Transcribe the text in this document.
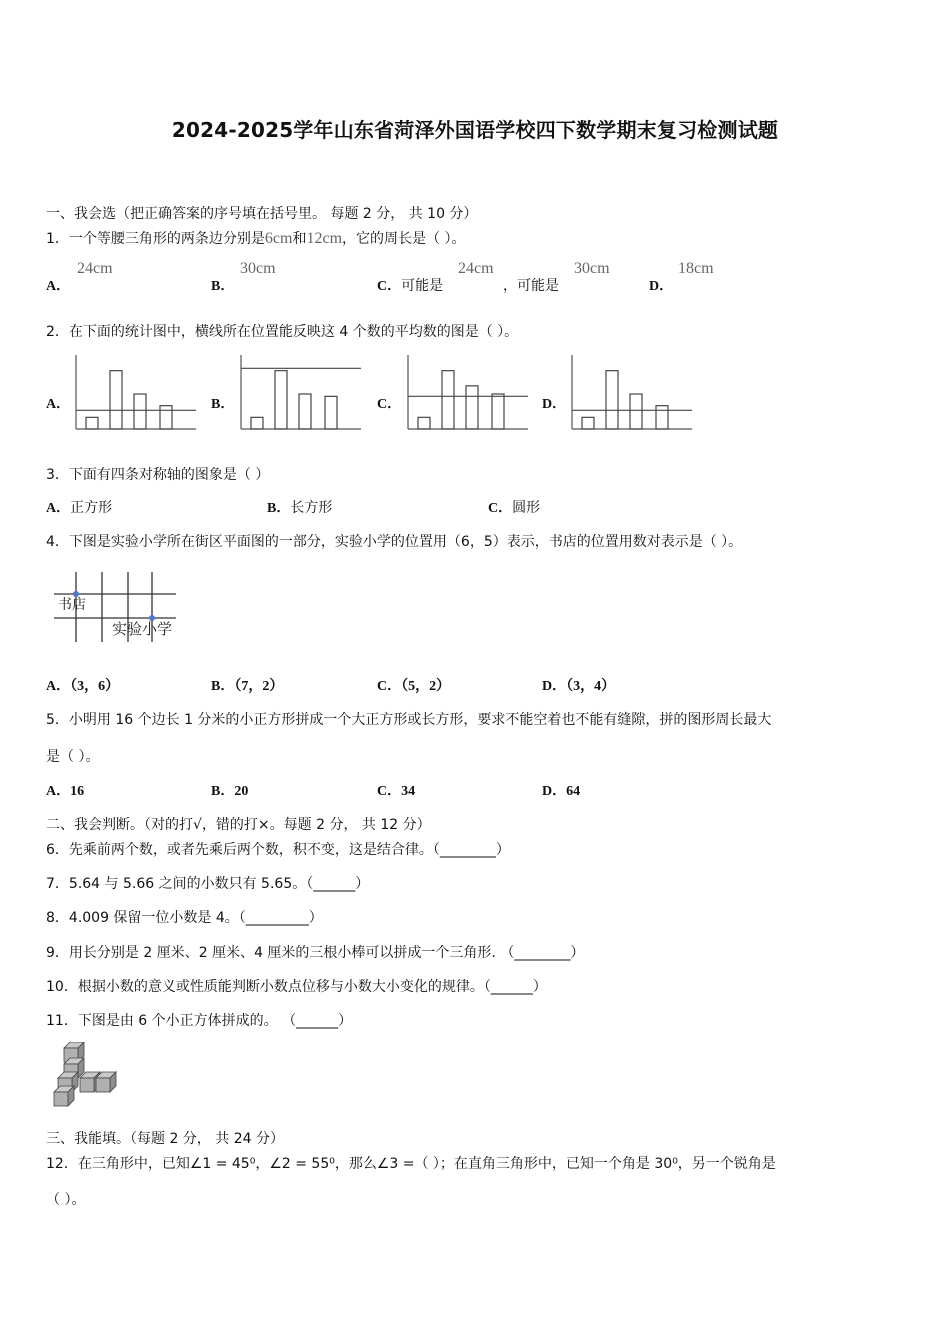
2024-2025学年山东省菏泽外国语学校四下数学期末复习检测试题
一、我会选（把正确答案的序号填在括号里。 每题 2 分， 共 10 分）
1．一个等腰三角形的两条边分别是6cm和12cm，它的周长是（ ）。
A．
24cm
B．
30cm
C．可能是
24cm
，可能是
30cm
D．
18cm
2．在下面的统计图中，横线所在位置能反映这 4 个数的平均数的图是（ ）。
A．	B．	C．	D．
3．下面有四条对称轴的图象是（ ）
A．正方形	B．长方形	C．圆形
4．下图是实验小学所在街区平面图的一部分，实验小学的位置用（6，5）表示，书店的位置用数对表示是（ ）。
书店
实验小学
A．（3，6）	B．（7，2）	C．（5，2）	D．（3，4）
5．小明用 16 个边长 1 分米的小正方形拼成一个大正方形或长方形，要求不能空着也不能有缝隙，拼的图形周长最大
是（ ）。
A．16	B．20	C．34	D．64
二、我会判断。（对的打√，错的打×。每题 2 分， 共 12 分）
6．先乘前两个数，或者先乘后两个数，积不变，这是结合律。（________）
7．5.64 与 5.66 之间的小数只有 5.65。（______）
8．4.009 保留一位小数是 4。（_________）
9．用长分别是 2 厘米、2 厘米、4 厘米的三根小棒可以拼成一个三角形. （________）
10．根据小数的意义或性质能判断小数点位移与小数大小变化的规律。（______）
11．下图是由 6 个小正方体拼成的。 （______）
三、我能填。（每题 2 分， 共 24 分）
12．在三角形中，已知∠1 = 45⁰，∠2 = 55⁰，那么∠3 =（ ）；在直角三角形中，已知一个角是 30⁰，另一个锐角是
（ ）。
